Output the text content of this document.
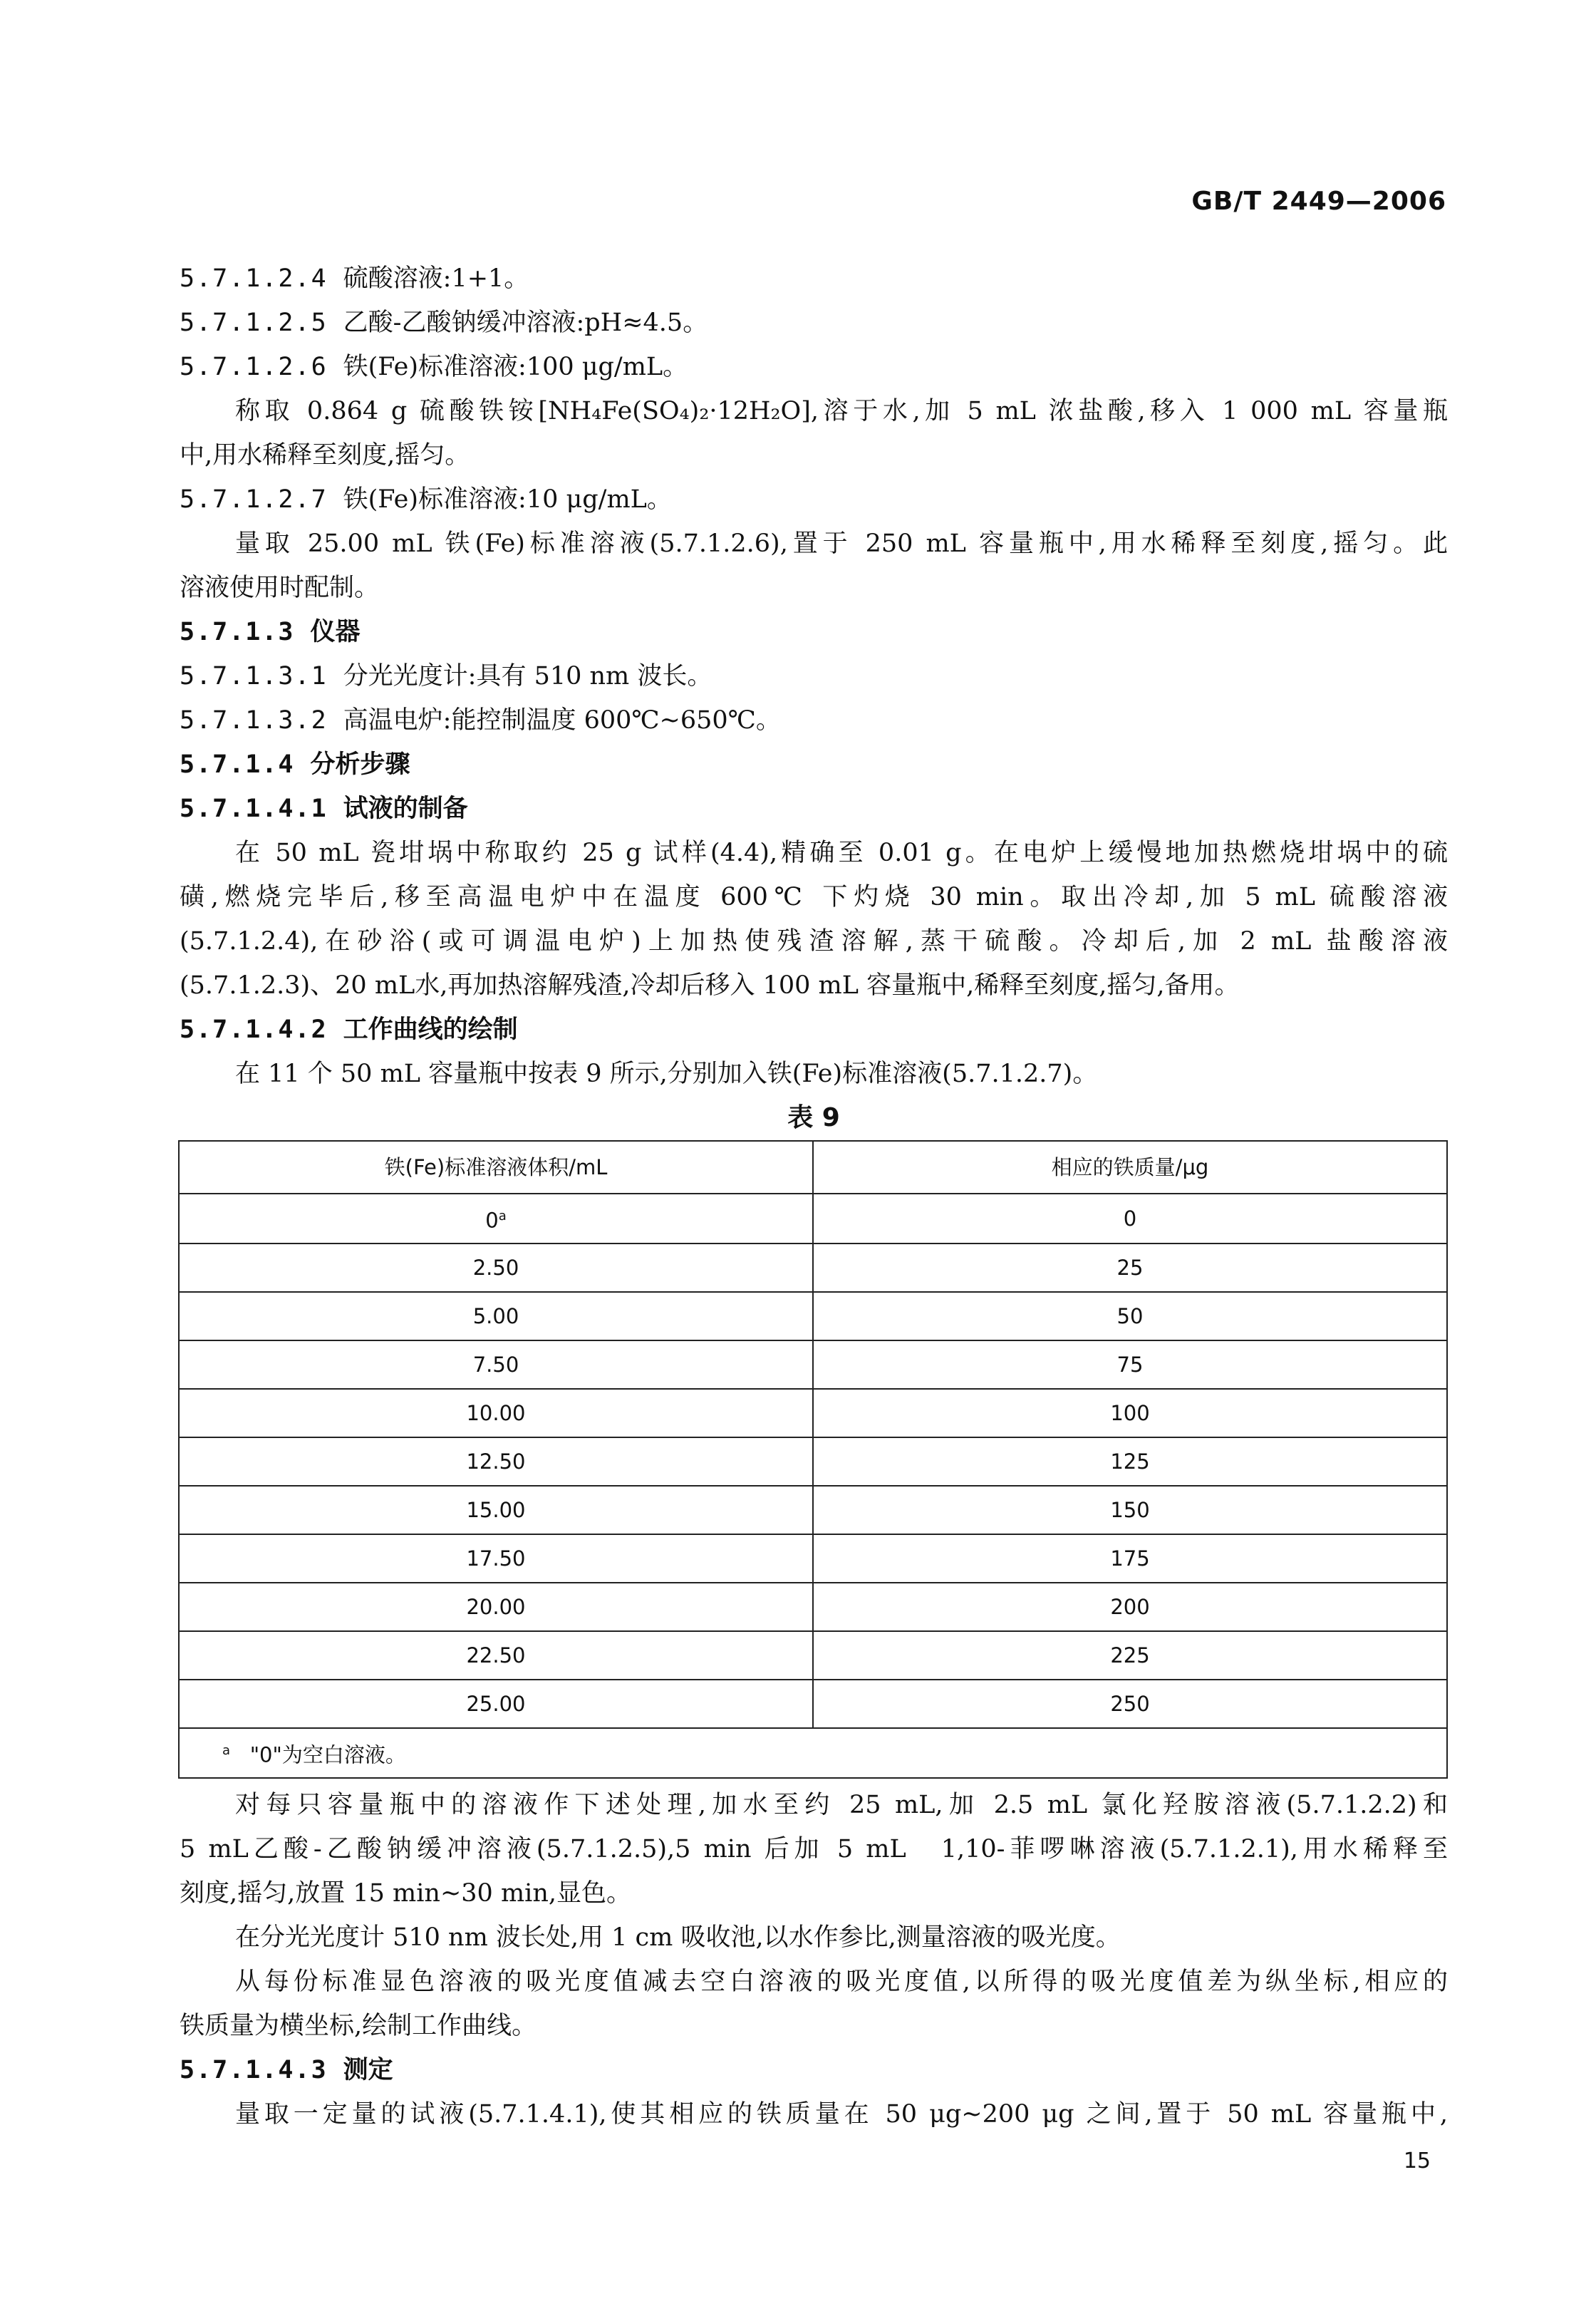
GB/T 2449—2006
5.7.1.2.4 硫酸溶液:1+1。
5.7.1.2.5 乙酸-乙酸钠缓冲溶液:pH≈4.5。
5.7.1.2.6 铁(Fe)标准溶液:100 μg/mL。
称取 0.864 g 硫酸铁铵[NH₄Fe(SO₄)₂·12H₂O],溶于水,加 5 mL 浓盐酸,移入 1 000 mL 容量瓶
中,用水稀释至刻度,摇匀。
5.7.1.2.7 铁(Fe)标准溶液:10 μg/mL。
量取 25.00 mL 铁(Fe)标准溶液(5.7.1.2.6),置于 250 mL 容量瓶中,用水稀释至刻度,摇匀。此
溶液使用时配制。
5.7.1.3 仪器
5.7.1.3.1 分光光度计:具有 510 nm 波长。
5.7.1.3.2 高温电炉:能控制温度 600℃~650℃。
5.7.1.4 分析步骤
5.7.1.4.1 试液的制备
在 50 mL 瓷坩埚中称取约 25 g 试样(4.4),精确至 0.01 g。在电炉上缓慢地加热燃烧坩埚中的硫
磺,燃烧完毕后,移至高温电炉中在温度 600℃ 下灼烧 30 min。取出冷却,加 5 mL 硫酸溶液
(5.7.1.2.4),在砂浴(或可调温电炉)上加热使残渣溶解,蒸干硫酸。冷却后,加 2 mL 盐酸溶液
(5.7.1.2.3)、20 mL水,再加热溶解残渣,冷却后移入 100 mL 容量瓶中,稀释至刻度,摇匀,备用。
5.7.1.4.2 工作曲线的绘制
在 11 个 50 mL 容量瓶中按表 9 所示,分别加入铁(Fe)标准溶液(5.7.1.2.7)。
表 9
铁(Fe)标准溶液体积/mL	相应的铁质量/μg
0$^a$	0
2.50	25
5.00	50
7.50	75
10.00	100
12.50	125
15.00	150
17.50	175
20.00	200
22.50	225
25.00	250
$^a$ "0"为空白溶液。	
对每只容量瓶中的溶液作下述处理,加水至约 25 mL,加 2.5 mL 氯化羟胺溶液(5.7.1.2.2)和
5 mL乙酸-乙酸钠缓冲溶液(5.7.1.2.5),5 min 后加 5 mL　1,10-菲啰啉溶液(5.7.1.2.1),用水稀释至
刻度,摇匀,放置 15 min~30 min,显色。
在分光光度计 510 nm 波长处,用 1 cm 吸收池,以水作参比,测量溶液的吸光度。
从每份标准显色溶液的吸光度值减去空白溶液的吸光度值,以所得的吸光度值差为纵坐标,相应的
铁质量为横坐标,绘制工作曲线。
5.7.1.4.3 测定
量取一定量的试液(5.7.1.4.1),使其相应的铁质量在 50 μg~200 μg 之间,置于 50 mL 容量瓶中,
15
